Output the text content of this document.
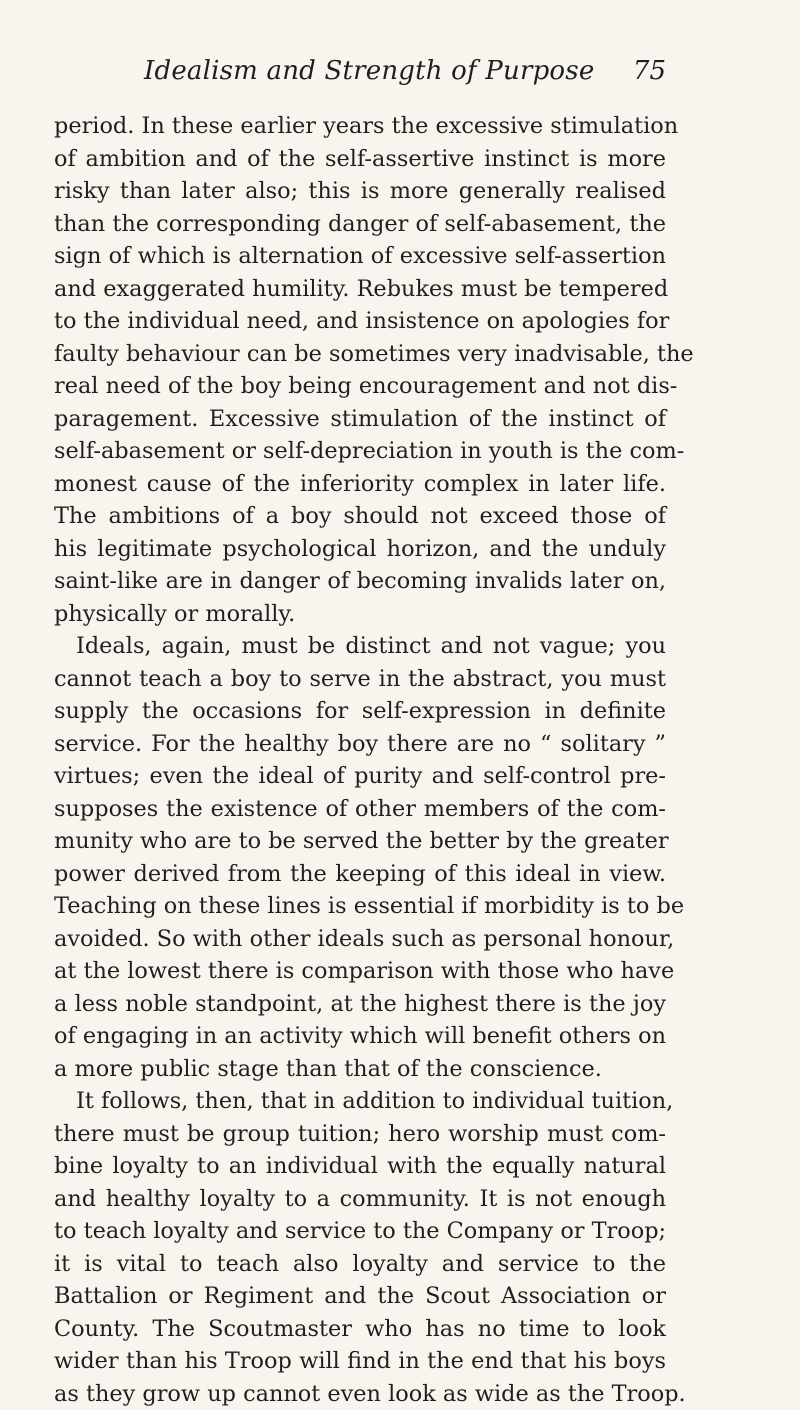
Idealism and Strength of Purpose 75
period. In these earlier years the excessive stimulation
of ambition and of the self-assertive instinct is more
risky than later also; this is more generally realised
than the corresponding danger of self-abasement, the
sign of which is alternation of excessive self-assertion
and exaggerated humility. Rebukes must be tempered
to the individual need, and insistence on apologies for
faulty behaviour can be sometimes very inadvisable, the
real need of the boy being encouragement and not dis-
paragement. Excessive stimulation of the instinct of
self-abasement or self-depreciation in youth is the com-
monest cause of the inferiority complex in later life.
The ambitions of a boy should not exceed those of
his legitimate psychological horizon, and the unduly
saint-like are in danger of becoming invalids later on,
physically or morally.
Ideals, again, must be distinct and not vague; you
cannot teach a boy to serve in the abstract, you must
supply the occasions for self-expression in definite
service. For the healthy boy there are no “ solitary ”
virtues; even the ideal of purity and self-control pre-
supposes the existence of other members of the com-
munity who are to be served the better by the greater
power derived from the keeping of this ideal in view.
Teaching on these lines is essential if morbidity is to be
avoided. So with other ideals such as personal honour,
at the lowest there is comparison with those who have
a less noble standpoint, at the highest there is the joy
of engaging in an activity which will benefit others on
a more public stage than that of the conscience.
It follows, then, that in addition to individual tuition,
there must be group tuition; hero worship must com-
bine loyalty to an individual with the equally natural
and healthy loyalty to a community. It is not enough
to teach loyalty and service to the Company or Troop;
it is vital to teach also loyalty and service to the
Battalion or Regiment and the Scout Association or
County. The Scoutmaster who has no time to look
wider than his Troop will find in the end that his boys
as they grow up cannot even look as wide as the Troop.
